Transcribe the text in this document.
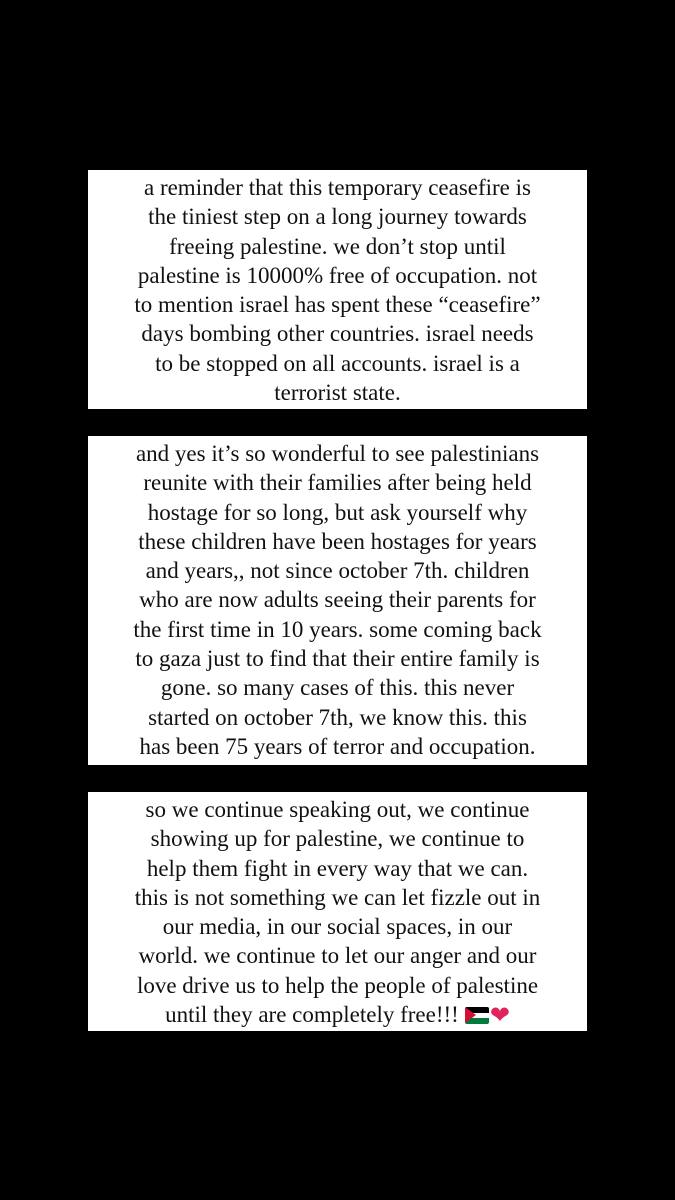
a reminder that this temporary ceasefire is
the tiniest step on a long journey towards
freeing palestine. we don’t stop until
palestine is 10000% free of occupation. not
to mention israel has spent these “ceasefire”
days bombing other countries. israel needs
to be stopped on all accounts. israel is a
terrorist state.
and yes it’s so wonderful to see palestinians
reunite with their families after being held
hostage for so long, but ask yourself why
these children have been hostages for years
and years,, not since october 7th. children
who are now adults seeing their parents for
the first time in 10 years. some coming back
to gaza just to find that their entire family is
gone. so many cases of this. this never
started on october 7th, we know this. this
has been 75 years of terror and occupation.
so we continue speaking out, we continue
showing up for palestine, we continue to
help them fight in every way that we can.
this is not something we can let fizzle out in
our media, in our social spaces, in our
world. we continue to let our anger and our
love drive us to help the people of palestine
until they are completely free!!! ❤
